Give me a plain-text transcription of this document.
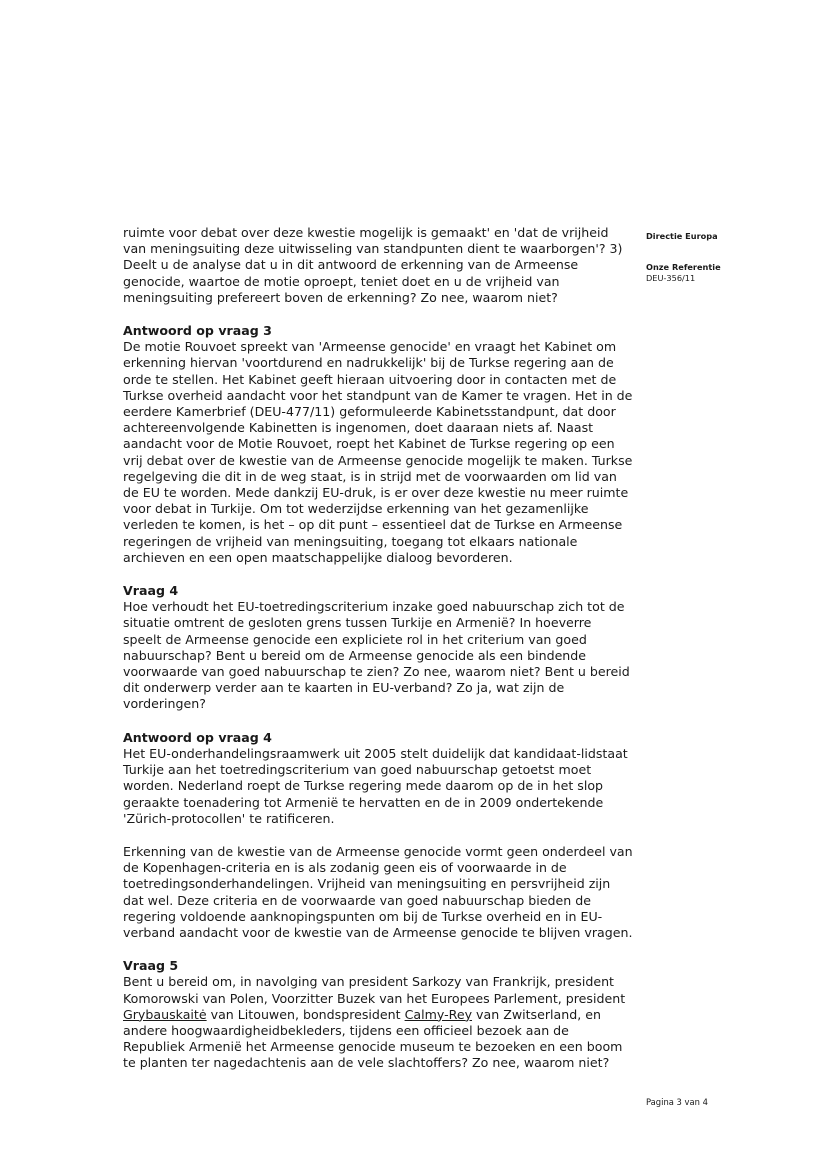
ruimte voor debat over deze kwestie mogelijk is gemaakt' en 'dat de vrijheid van meningsuiting deze uitwisseling van standpunten dient te waarborgen'? 3) Deelt u de analyse dat u in dit antwoord de erkenning van de Armeense genocide, waartoe de motie oproept, teniet doet en u de vrijheid van meningsuiting prefereert boven de erkenning? Zo nee, waarom niet?

Antwoord op vraag 3

De motie Rouvoet spreekt van 'Armeense genocide' en vraagt het Kabinet om erkenning hiervan 'voortdurend en nadrukkelijk' bij de Turkse regering aan de orde te stellen. Het Kabinet geeft hieraan uitvoering door in contacten met de Turkse overheid aandacht voor het standpunt van de Kamer te vragen. Het in de eerdere Kamerbrief (DEU-477/11) geformuleerde Kabinetsstandpunt, dat door achtereenvolgende Kabinetten is ingenomen, doet daaraan niets af. Naast aandacht voor de Motie Rouvoet, roept het Kabinet de Turkse regering op een vrij debat over de kwestie van de Armeense genocide mogelijk te maken. Turkse regelgeving die dit in de weg staat, is in strijd met de voorwaarden om lid van de EU te worden. Mede dankzij EU-druk, is er over deze kwestie nu meer ruimte voor debat in Turkije. Om tot wederzijdse erkenning van het gezamenlijke verleden te komen, is het – op dit punt – essentieel dat de Turkse en Armeense regeringen de vrijheid van meningsuiting, toegang tot elkaars nationale archieven en een open maatschappelijke dialoog bevorderen.

Vraag 4

Hoe verhoudt het EU-toetredingscriterium inzake goed nabuurschap zich tot de situatie omtrent de gesloten grens tussen Turkije en Armenië? In hoeverre speelt de Armeense genocide een expliciete rol in het criterium van goed nabuurschap? Bent u bereid om de Armeense genocide als een bindende voorwaarde van goed nabuurschap te zien? Zo nee, waarom niet? Bent u bereid dit onderwerp verder aan te kaarten in EU-verband? Zo ja, wat zijn de vorderingen?

Antwoord op vraag 4

Het EU-onderhandelingsraamwerk uit 2005 stelt duidelijk dat kandidaat-lidstaat Turkije aan het toetredingscriterium van goed nabuurschap getoetst moet worden. Nederland roept de Turkse regering mede daarom op de in het slop geraakte toenadering tot Armenië te hervatten en de in 2009 ondertekende 'Zürich-protocollen' te ratificeren.

Erkenning van de kwestie van de Armeense genocide vormt geen onderdeel van de Kopenhagen-criteria en is als zodanig geen eis of voorwaarde in de toetredingsonderhandelingen. Vrijheid van meningsuiting en persvrijheid zijn dat wel. Deze criteria en de voorwaarde van goed nabuurschap bieden de regering voldoende aanknopingspunten om bij de Turkse overheid en in EU-verband aandacht voor de kwestie van de Armeense genocide te blijven vragen.

Vraag 5

Bent u bereid om, in navolging van president Sarkozy van Frankrijk, president Komorowski van Polen, Voorzitter Buzek van het Europees Parlement, president Grybauskaitė van Litouwen, bondspresident Calmy-Rey van Zwitserland, en andere hoogwaardigheidbekleders, tijdens een officieel bezoek aan de Republiek Armenië het Armeense genocide museum te bezoeken en een boom te planten ter nagedachtenis aan de vele slachtoffers? Zo nee, waarom niet?

Directie Europa
Onze Referentie
DEU-356/11
Pagina 3 van 4
